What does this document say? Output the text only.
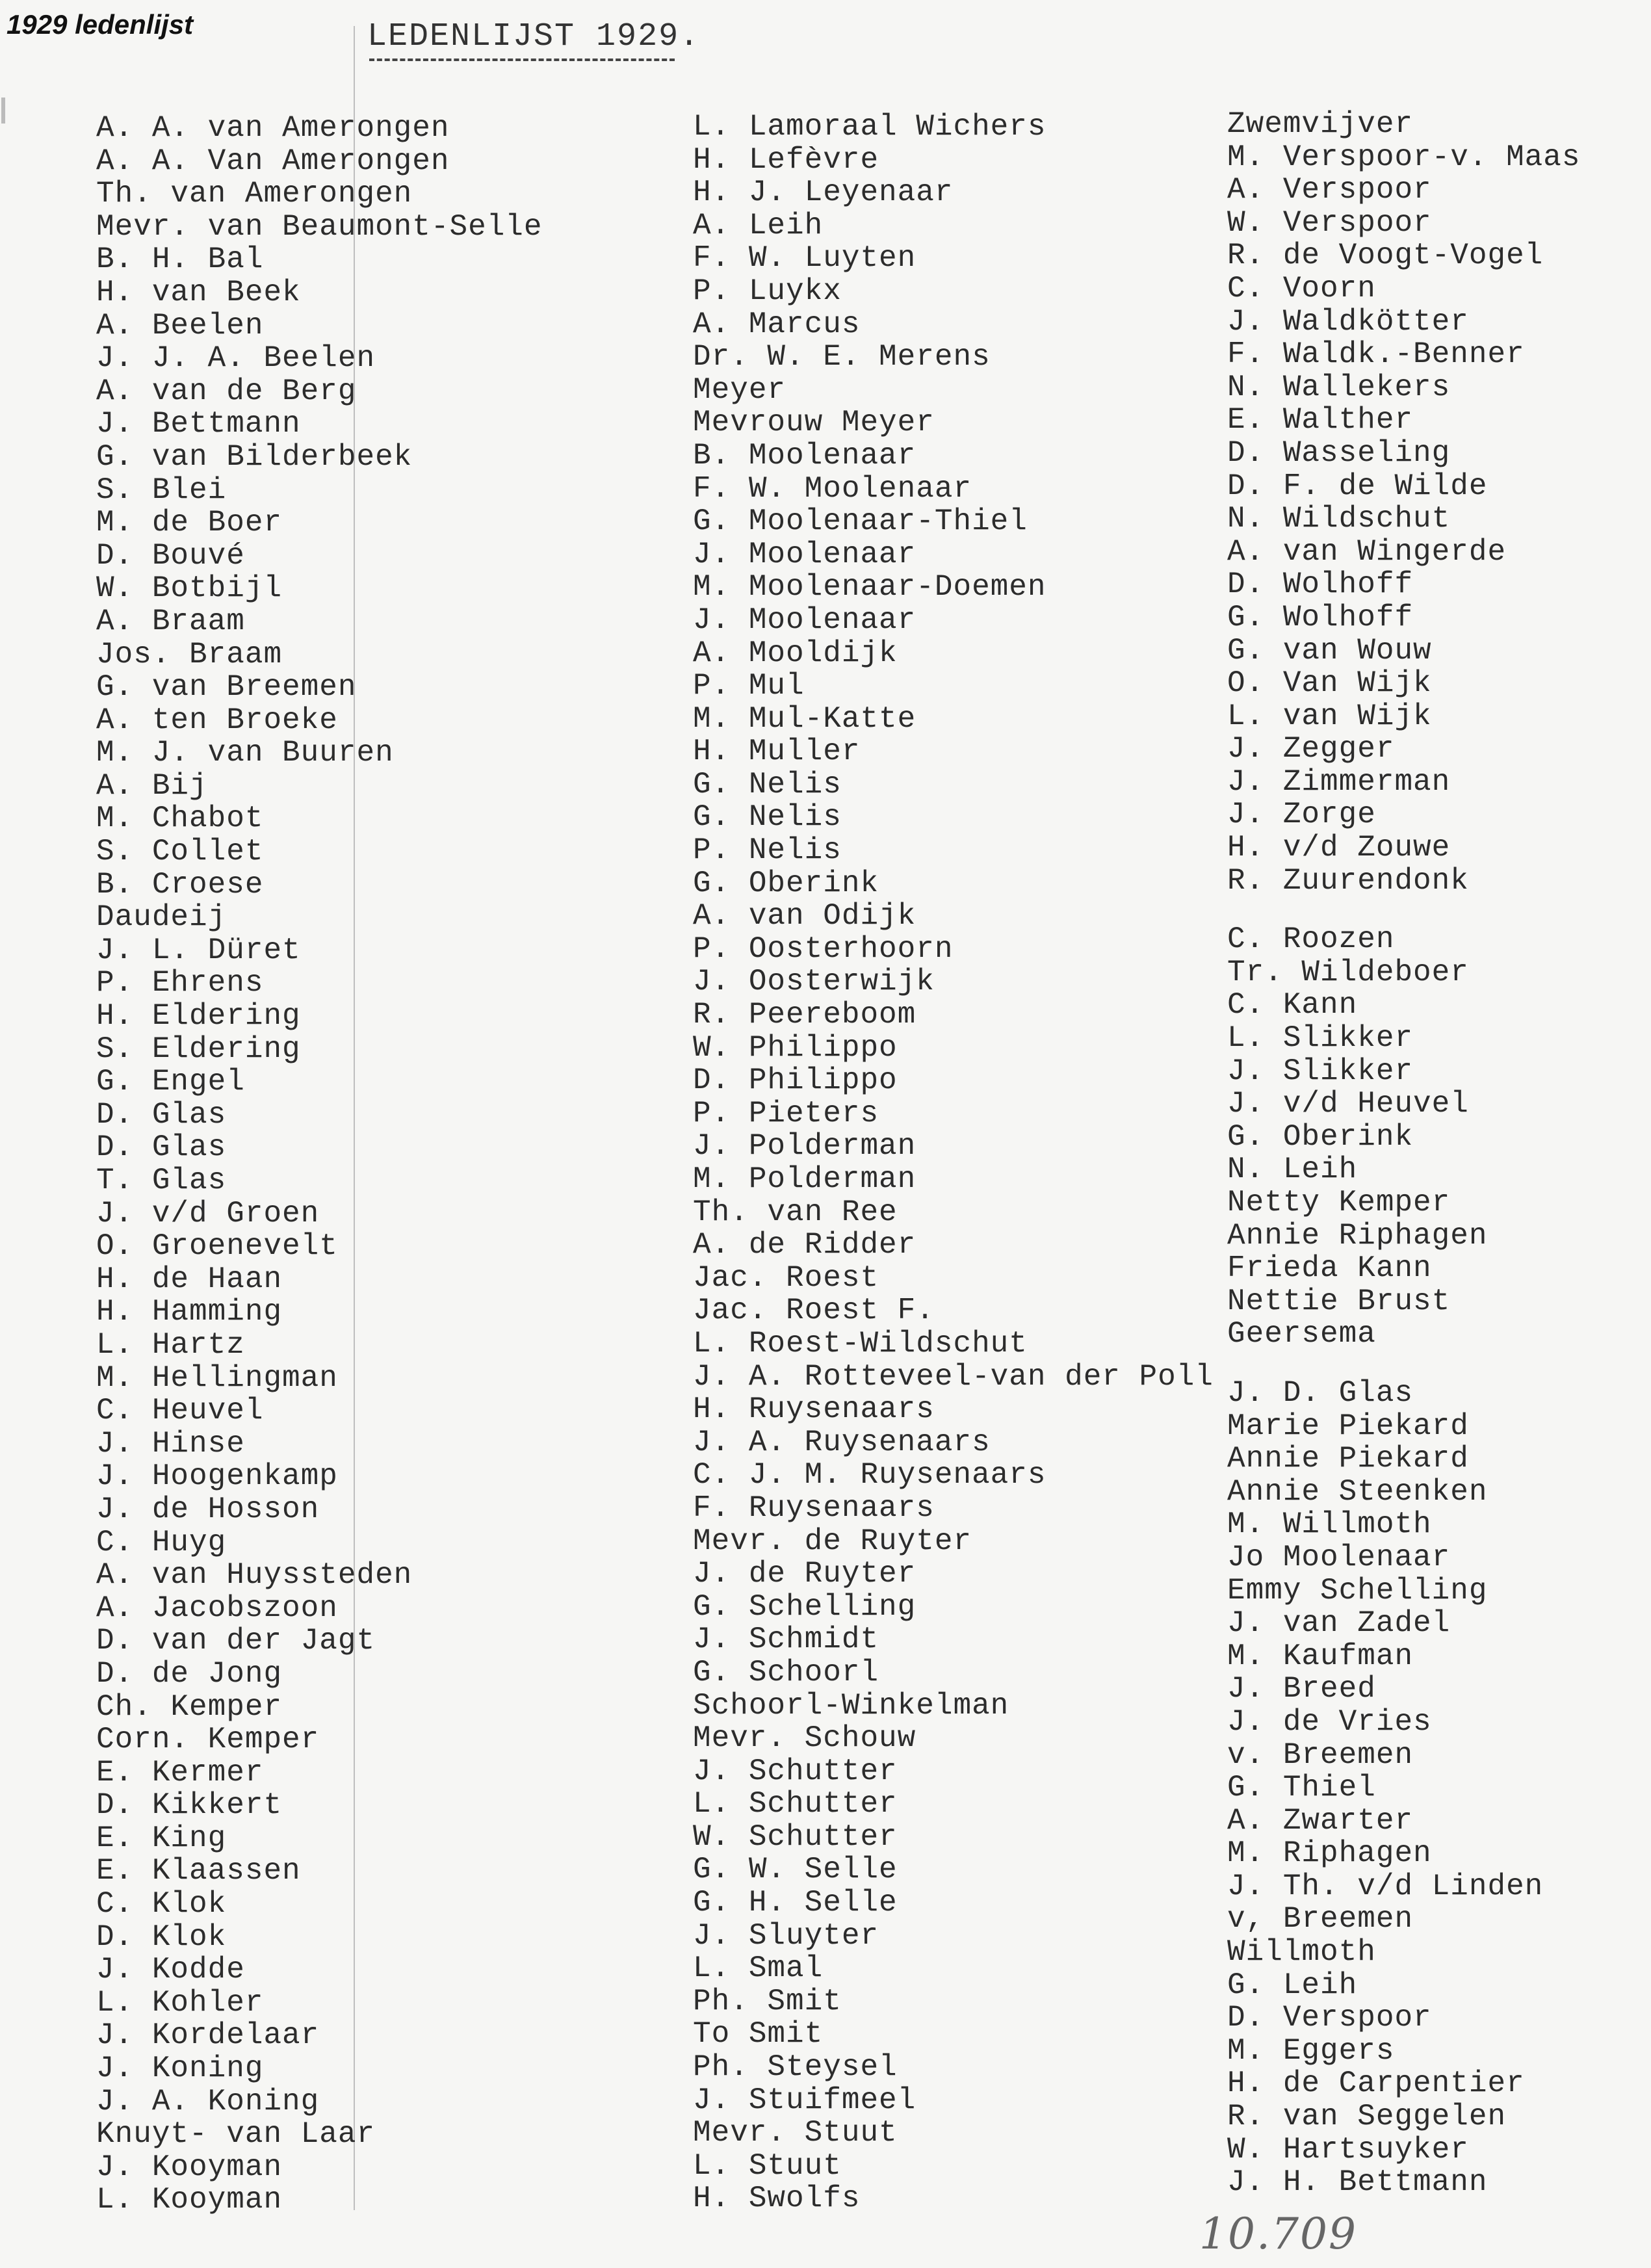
1929 ledenlijst	LEDENLIJST 1929.
A. A. van Amerongen
A. A. Van Amerongen
Th. van Amerongen
Mevr. van Beaumont-Selle
B. H. Bal
H. van Beek
A. Beelen
J. J. A. Beelen
A. van de Berg
J. Bettmann
G. van Bilderbeek
S. Blei
M. de Boer
D. Bouvé
W. Botbijl
A. Braam
Jos. Braam
G. van Breemen
A. ten Broeke
M. J. van Buuren
A. Bij
M. Chabot
S. Collet
B. Croese
Daudeij
J. L. Düret
P. Ehrens
H. Eldering
S. Eldering
G. Engel
D. Glas
D. Glas
T. Glas
J. v/d Groen
O. Groenevelt
H. de Haan
H. Hamming
L. Hartz
M. Hellingman
C. Heuvel
J. Hinse
J. Hoogenkamp
J. de Hosson
C. Huyg
A. van Huyssteden
A. Jacobszoon
D. van der Jagt
D. de Jong
Ch. Kemper
Corn. Kemper
E. Kermer
D. Kikkert
E. King
E. Klaassen
C. Klok
D. Klok
J. Kodde
L. Kohler
J. Kordelaar
J. Koning
J. A. Koning
Knuyt- van Laar
J. Kooyman
L. Kooyman
L. Lamoraal Wichers
H. Lefèvre
H. J. Leyenaar
A. Leih
F. W. Luyten
P. Luykx
A. Marcus
Dr. W. E. Merens
Meyer
Mevrouw Meyer
B. Moolenaar
F. W. Moolenaar
G. Moolenaar-Thiel
J. Moolenaar
M. Moolenaar-Doemen
J. Moolenaar
A. Mooldijk
P. Mul
M. Mul-Katte
H. Muller
G. Nelis
G. Nelis
P. Nelis
G. Oberink
A. van Odijk
P. Oosterhoorn
J. Oosterwijk
R. Peereboom
W. Philippo
D. Philippo
P. Pieters
J. Polderman
M. Polderman
Th. van Ree
A. de Ridder
Jac. Roest
Jac. Roest F.
L. Roest-Wildschut
J. A. Rotteveel-van der Poll
H. Ruysenaars
J. A. Ruysenaars
C. J. M. Ruysenaars
F. Ruysenaars
Mevr. de Ruyter
J. de Ruyter
G. Schelling
J. Schmidt
G. Schoorl
Schoorl-Winkelman
Mevr. Schouw
J. Schutter
L. Schutter
W. Schutter
G. W. Selle
G. H. Selle
J. Sluyter
L. Smal
Ph. Smit
To Smit
Ph. Steysel
J. Stuifmeel
Mevr. Stuut
L. Stuut
H. Swolfs
Zwemvijver
M. Verspoor-v. Maas
A. Verspoor
W. Verspoor
R. de Voogt-Vogel
C. Voorn
J. Waldkötter
F. Waldk.-Benner
N. Wallekers
E. Walther
D. Wasseling
D. F. de Wilde
N. Wildschut
A. van Wingerde
D. Wolhoff
G. Wolhoff
G. van Wouw
O. Van Wijk
L. van Wijk
J. Zegger
J. Zimmerman
J. Zorge
H. v/d Zouwe
R. Zuurendonk
C. Roozen
Tr. Wildeboer
C. Kann
L. Slikker
J. Slikker
J. v/d Heuvel
G. Oberink
N. Leih
Netty Kemper
Annie Riphagen
Frieda Kann
Nettie Brust
Geersema
J. D. Glas
Marie Piekard
Annie Piekard
Annie Steenken
M. Willmoth
Jo Moolenaar
Emmy Schelling
J. van Zadel
M. Kaufman
J. Breed
J. de Vries
v. Breemen
G. Thiel
A. Zwarter
M. Riphagen
J. Th. v/d Linden
v, Breemen
Willmoth
G. Leih
D. Verspoor
M. Eggers
H. de Carpentier
R. van Seggelen
W. Hartsuyker
J. H. Bettmann
10.709
